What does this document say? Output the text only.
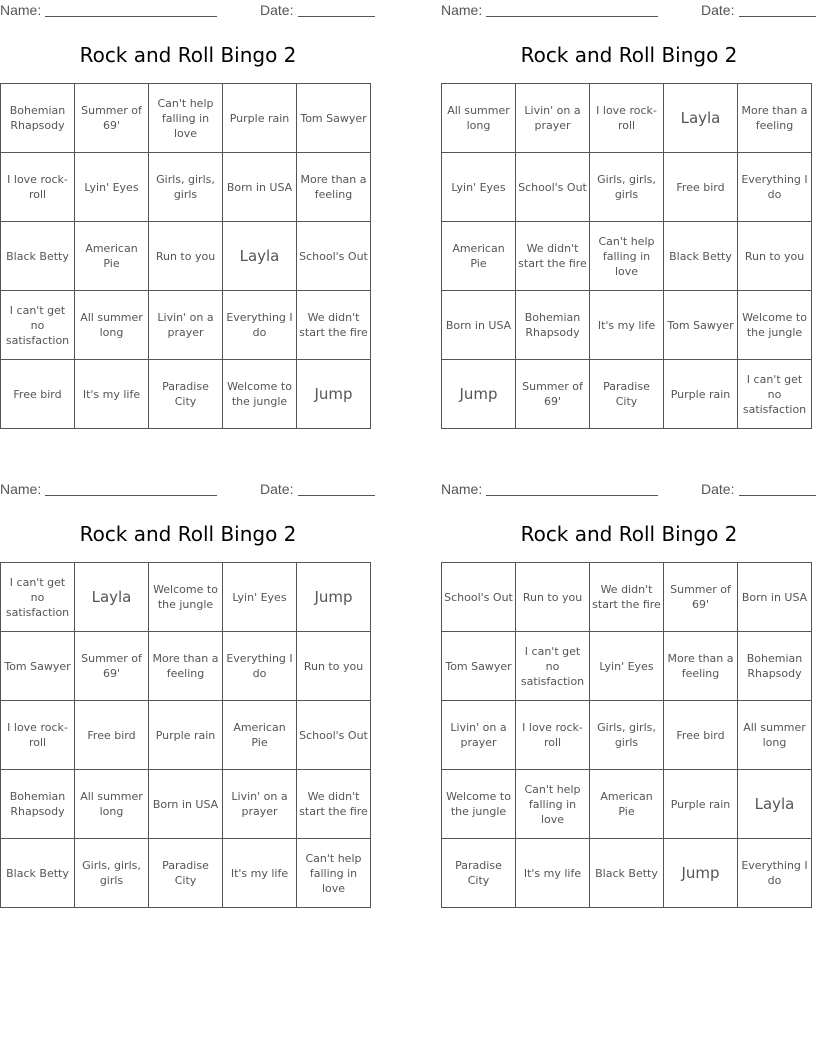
Name:	Date:
Rock and Roll Bingo 2
Bohemian Rhapsody	Summer of 69'	Can't help falling in love	Purple rain	Tom Sawyer
I love rock-roll	Lyin' Eyes	Girls, girls, girls	Born in USA	More than a feeling
Black Betty	American Pie	Run to you	Layla	School's Out
I can't get no satisfaction	All summer long	Livin' on a prayer	Everything I do	We didn't start the fire
Free bird	It's my life	Paradise City	Welcome to the jungle	Jump
Name:	Date:
Rock and Roll Bingo 2
All summer long	Livin' on a prayer	I love rock-roll	Layla	More than a feeling
Lyin' Eyes	School's Out	Girls, girls, girls	Free bird	Everything I do
American Pie	We didn't start the fire	Can't help falling in love	Black Betty	Run to you
Born in USA	Bohemian Rhapsody	It's my life	Tom Sawyer	Welcome to the jungle
Jump	Summer of 69'	Paradise City	Purple rain	I can't get no satisfaction
Name:	Date:
Rock and Roll Bingo 2
I can't get no satisfaction	Layla	Welcome to the jungle	Lyin' Eyes	Jump
Tom Sawyer	Summer of 69'	More than a feeling	Everything I do	Run to you
I love rock-roll	Free bird	Purple rain	American Pie	School's Out
Bohemian Rhapsody	All summer long	Born in USA	Livin' on a prayer	We didn't start the fire
Black Betty	Girls, girls, girls	Paradise City	It's my life	Can't help falling in love
Name:	Date:
Rock and Roll Bingo 2
School's Out	Run to you	We didn't start the fire	Summer of 69'	Born in USA
Tom Sawyer	I can't get no satisfaction	Lyin' Eyes	More than a feeling	Bohemian Rhapsody
Livin' on a prayer	I love rock-roll	Girls, girls, girls	Free bird	All summer long
Welcome to the jungle	Can't help falling in love	American Pie	Purple rain	Layla
Paradise City	It's my life	Black Betty	Jump	Everything I do
